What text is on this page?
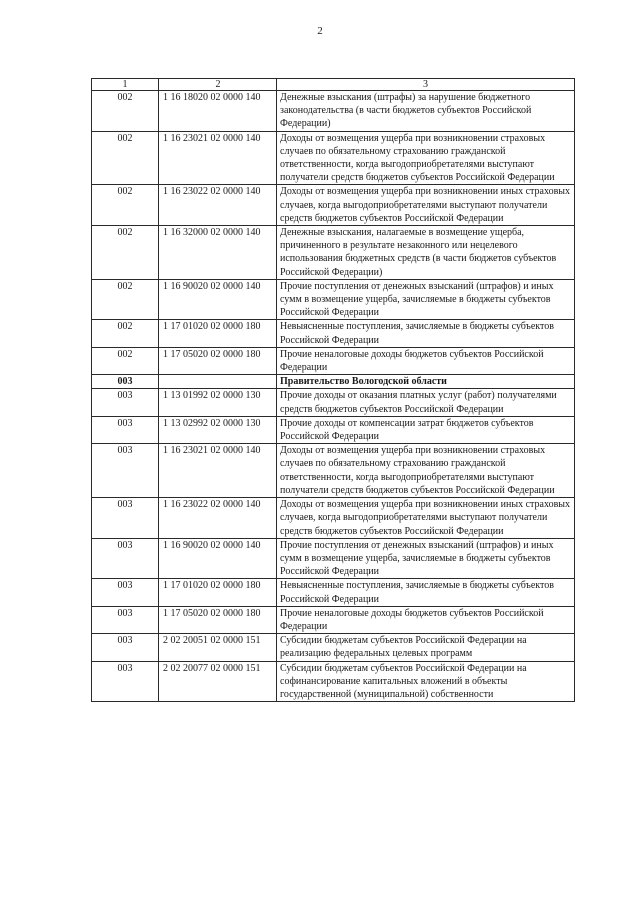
2
1	2	3
002	1 16 18020 02 0000 140	Денежные взыскания (штрафы) за нарушение бюджетного законодательства (в части бюджетов субъектов Российской Федерации)
002	1 16 23021 02 0000 140	Доходы от возмещения ущерба при возникновении страховых случаев по обязательному страхованию гражданской ответственности, когда выгодоприобретателями выступают получатели средств бюджетов субъектов Российской Федерации
002	1 16 23022 02 0000 140	Доходы от возмещения ущерба при возникновении иных страховых случаев, когда выгодоприобретателями выступают получатели средств бюджетов субъектов Российской Федерации
002	1 16 32000 02 0000 140	Денежные взыскания, налагаемые в возмещение ущерба, причиненного в результате незаконного или нецелевого использования бюджетных средств (в части бюджетов субъектов Российской Федерации)
002	1 16 90020 02 0000 140	Прочие поступления от денежных взысканий (штрафов) и иных сумм в возмещение ущерба, зачисляемые в бюджеты субъектов Российской Федерации
002	1 17 01020 02 0000 180	Невыясненные поступления, зачисляемые в бюджеты субъектов Российской Федерации
002	1 17 05020 02 0000 180	Прочие неналоговые доходы бюджетов субъектов Российской Федерации
003		Правительство Вологодской области
003	1 13 01992 02 0000 130	Прочие доходы от оказания платных услуг (работ) получателями средств бюджетов субъектов Российской Федерации
003	1 13 02992 02 0000 130	Прочие доходы от компенсации затрат бюджетов субъектов Российской Федерации
003	1 16 23021 02 0000 140	Доходы от возмещения ущерба при возникновении страховых случаев по обязательному страхованию гражданской ответственности, когда выгодоприобретателями выступают получатели средств бюджетов субъектов Российской Федерации
003	1 16 23022 02 0000 140	Доходы от возмещения ущерба при возникновении иных страховых случаев, когда выгодоприобретателями выступают получатели средств бюджетов субъектов Российской Федерации
003	1 16 90020 02 0000 140	Прочие поступления от денежных взысканий (штрафов) и иных сумм в возмещение ущерба, зачисляемые в бюджеты субъектов Российской Федерации
003	1 17 01020 02 0000 180	Невыясненные поступления, зачисляемые в бюджеты субъектов Российской Федерации
003	1 17 05020 02 0000 180	Прочие неналоговые доходы бюджетов субъектов Российской Федерации
003	2 02 20051 02 0000 151	Субсидии бюджетам субъектов Российской Федерации на реализацию федеральных целевых программ
003	2 02 20077 02 0000 151	Субсидии бюджетам субъектов Российской Федерации на софинансирование капитальных вложений в объекты государственной (муниципальной) собственности
